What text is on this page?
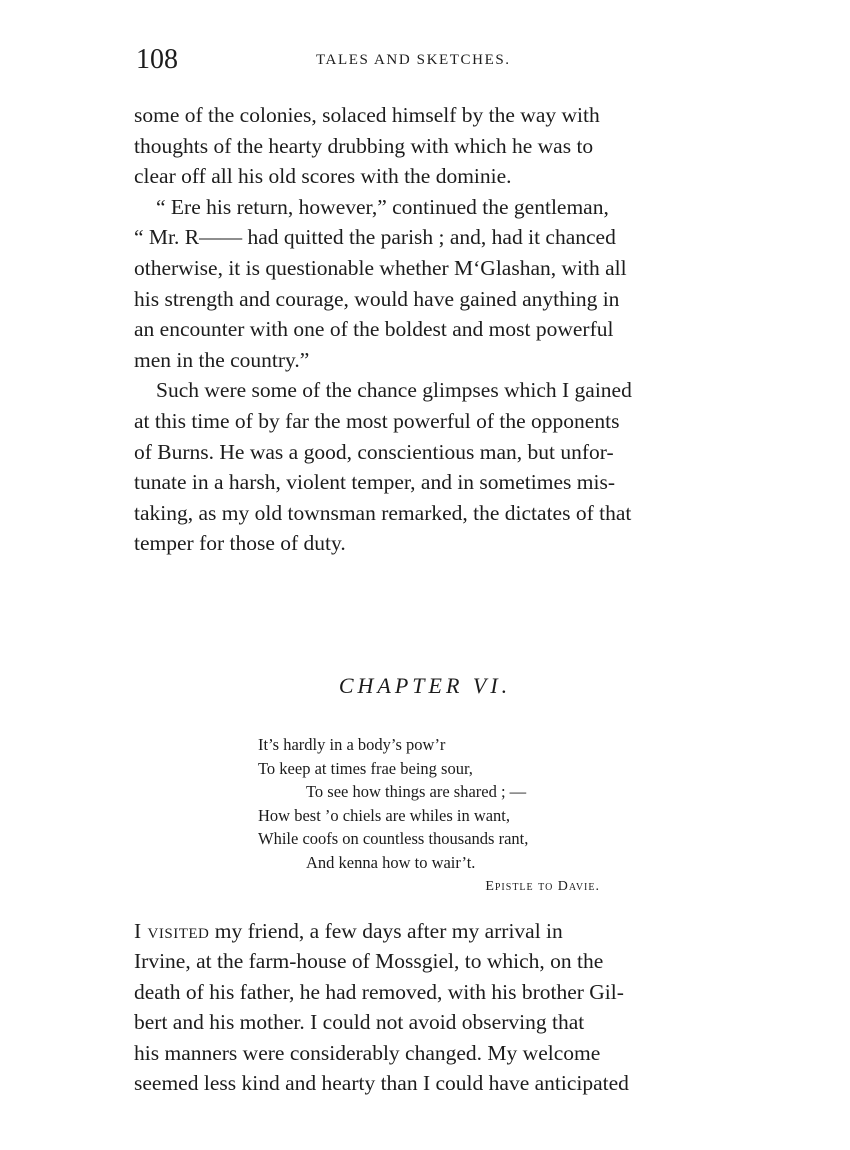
108	TALES AND SKETCHES.

some of the colonies, solaced himself by the way with
thoughts of the hearty drubbing with which he was to
clear off all his old scores with the dominie.

“ Ere his return, however,” continued the gentleman,
“ Mr. R—— had quitted the parish ; and, had it chanced
otherwise, it is questionable whether M‘Glashan, with all
his strength and courage, would have gained anything in
an encounter with one of the boldest and most powerful
men in the country.”

Such were some of the chance glimpses which I gained
at this time of by far the most powerful of the opponents
of Burns. He was a good, conscientious man, but unfor-
tunate in a harsh, violent temper, and in sometimes mis-
taking, as my old townsman remarked, the dictates of that
temper for those of duty.

CHAPTER VI.
It’s hardly in a body’s pow’r
To keep at times frae being sour,
To see how things are shared ; —
How best ’o chiels are whiles in want,
While coofs on countless thousands rant,
And kenna how to wair’t.
Epistle to Davie.

I visited my friend, a few days after my arrival in
Irvine, at the farm-house of Mossgiel, to which, on the
death of his father, he had removed, with his brother Gil-
bert and his mother. I could not avoid observing that
his manners were considerably changed. My welcome
seemed less kind and hearty than I could have anticipated
